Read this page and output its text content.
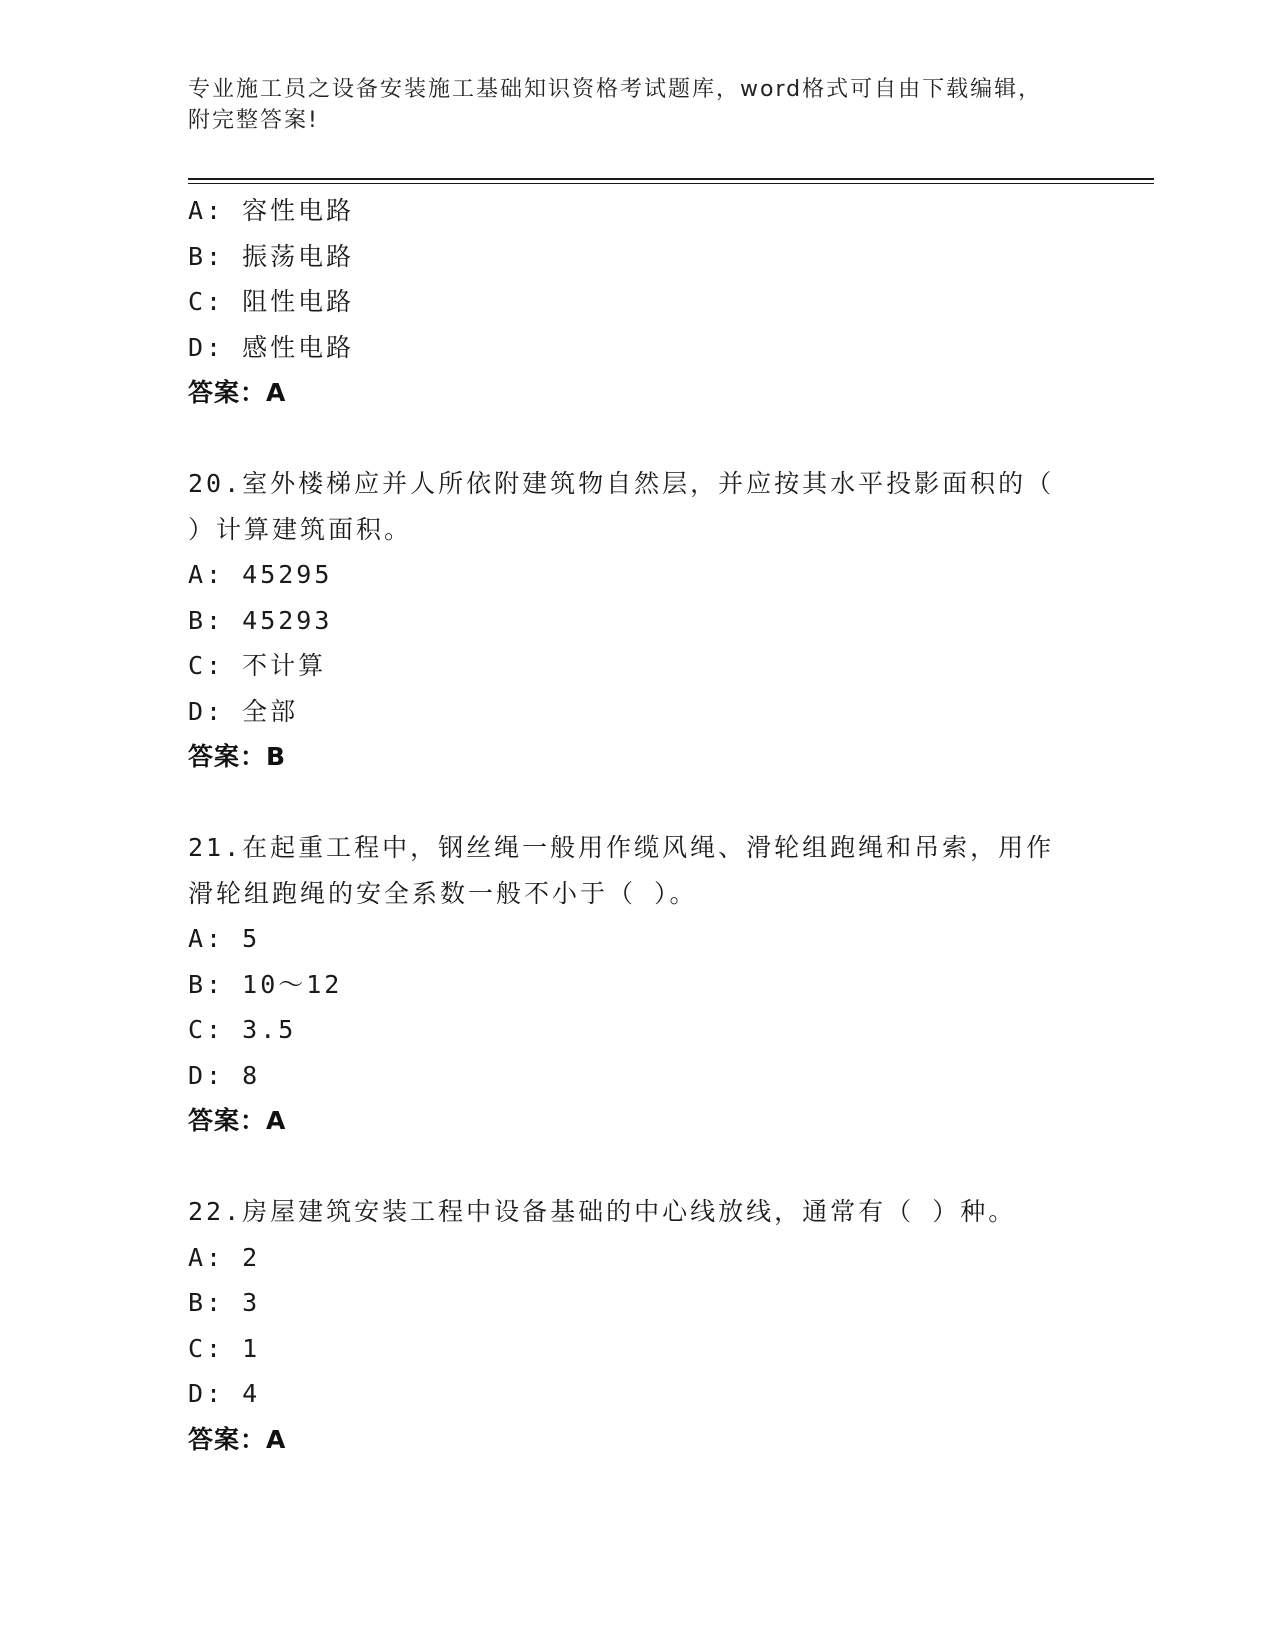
专业施工员之设备安装施工基础知识资格考试题库，word格式可自由下载编辑，
附完整答案!
A: 容性电路
B: 振荡电路
C: 阻性电路
D: 感性电路
答案：A
20.室外楼梯应并人所依附建筑物自然层，并应按其水平投影面积的（
）计算建筑面积。
A: 45295
B: 45293
C: 不计算
D: 全部
答案：B
21.在起重工程中，钢丝绳一般用作缆风绳、滑轮组跑绳和吊索，用作
滑轮组跑绳的安全系数一般不小于（ ）。
A: 5
B: 10～12
C: 3.5
D: 8
答案：A
22.房屋建筑安装工程中设备基础的中心线放线，通常有（ ）种。
A: 2
B: 3
C: 1
D: 4
答案：A
